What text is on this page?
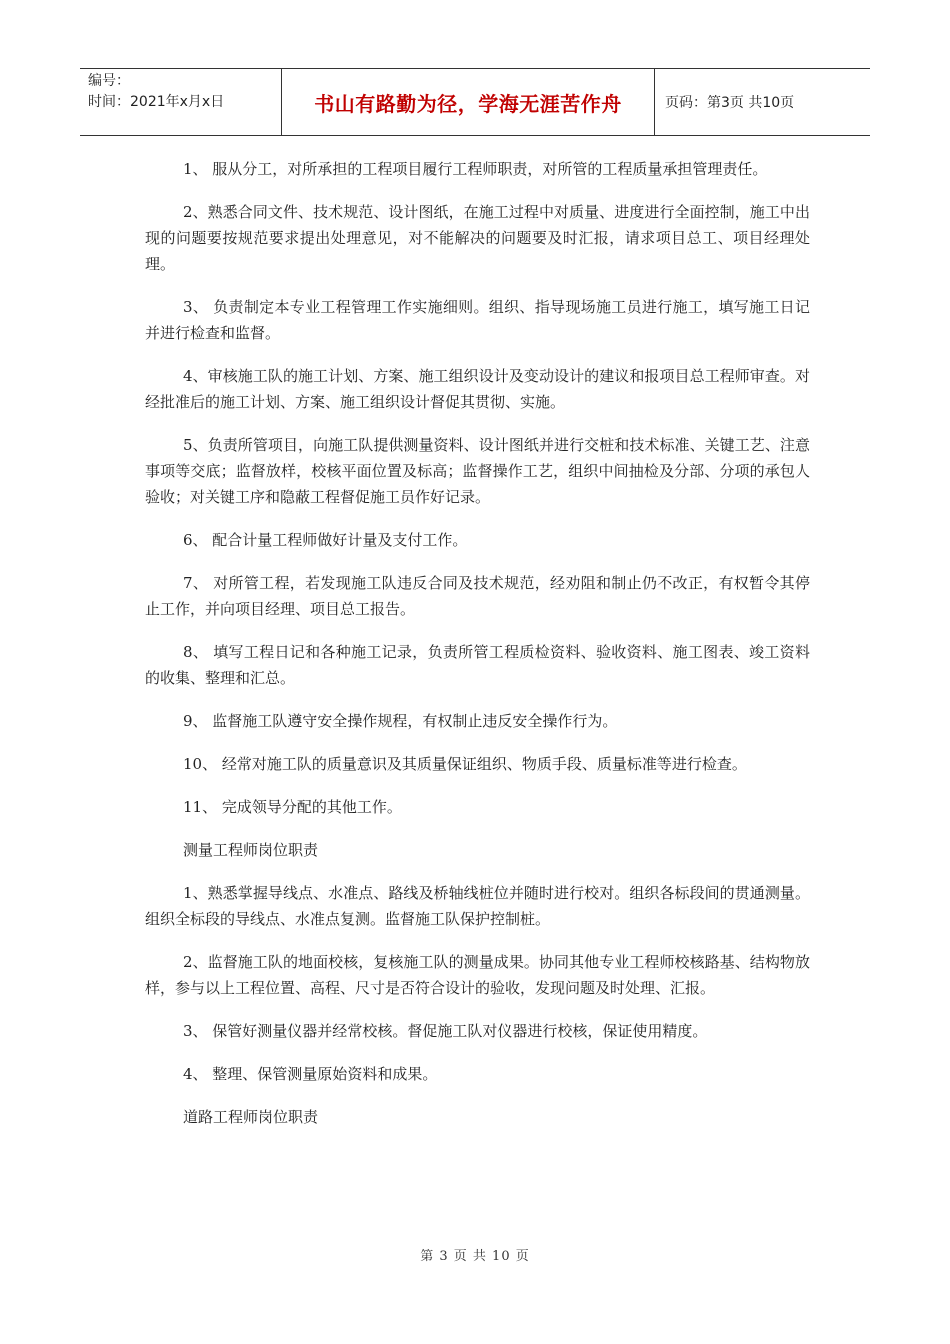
编号：
时间：2021年x月x日	书山有路勤为径，学海无涯苦作舟	页码：第3页 共10页

1、 服从分工，对所承担的工程项目履行工程师职责，对所管的工程质量承担管理责任。

2、熟悉合同文件、技术规范、设计图纸，在施工过程中对质量、进度进行全面控制，施工中出现的问题要按规范要求提出处理意见，对不能解决的问题要及时汇报，请求项目总工、项目经理处理。

3、 负责制定本专业工程管理工作实施细则。组织、指导现场施工员进行施工，填写施工日记并进行检查和监督。

4、审核施工队的施工计划、方案、施工组织设计及变动设计的建议和报项目总工程师审查。对经批准后的施工计划、方案、施工组织设计督促其贯彻、实施。

5、负责所管项目，向施工队提供测量资料、设计图纸并进行交桩和技术标准、关键工艺、注意事项等交底；监督放样，校核平面位置及标高；监督操作工艺，组织中间抽检及分部、分项的承包人验收；对关键工序和隐蔽工程督促施工员作好记录。

6、 配合计量工程师做好计量及支付工作。

7、 对所管工程，若发现施工队违反合同及技术规范，经劝阻和制止仍不改正，有权暂令其停止工作，并向项目经理、项目总工报告。

8、 填写工程日记和各种施工记录，负责所管工程质检资料、验收资料、施工图表、竣工资料的收集、整理和汇总。

9、 监督施工队遵守安全操作规程，有权制止违反安全操作行为。

10、 经常对施工队的质量意识及其质量保证组织、物质手段、质量标准等进行检查。

11、 完成领导分配的其他工作。

测量工程师岗位职责

1、熟悉掌握导线点、水准点、路线及桥轴线桩位并随时进行校对。组织各标段间的贯通测量。组织全标段的导线点、水准点复测。监督施工队保护控制桩。

2、监督施工队的地面校核，复核施工队的测量成果。协同其他专业工程师校核路基、结构物放样，参与以上工程位置、高程、尺寸是否符合设计的验收，发现问题及时处理、汇报。

3、 保管好测量仪器并经常校核。督促施工队对仪器进行校核，保证使用精度。

4、 整理、保管测量原始资料和成果。

道路工程师岗位职责

第 3 页 共 10 页
